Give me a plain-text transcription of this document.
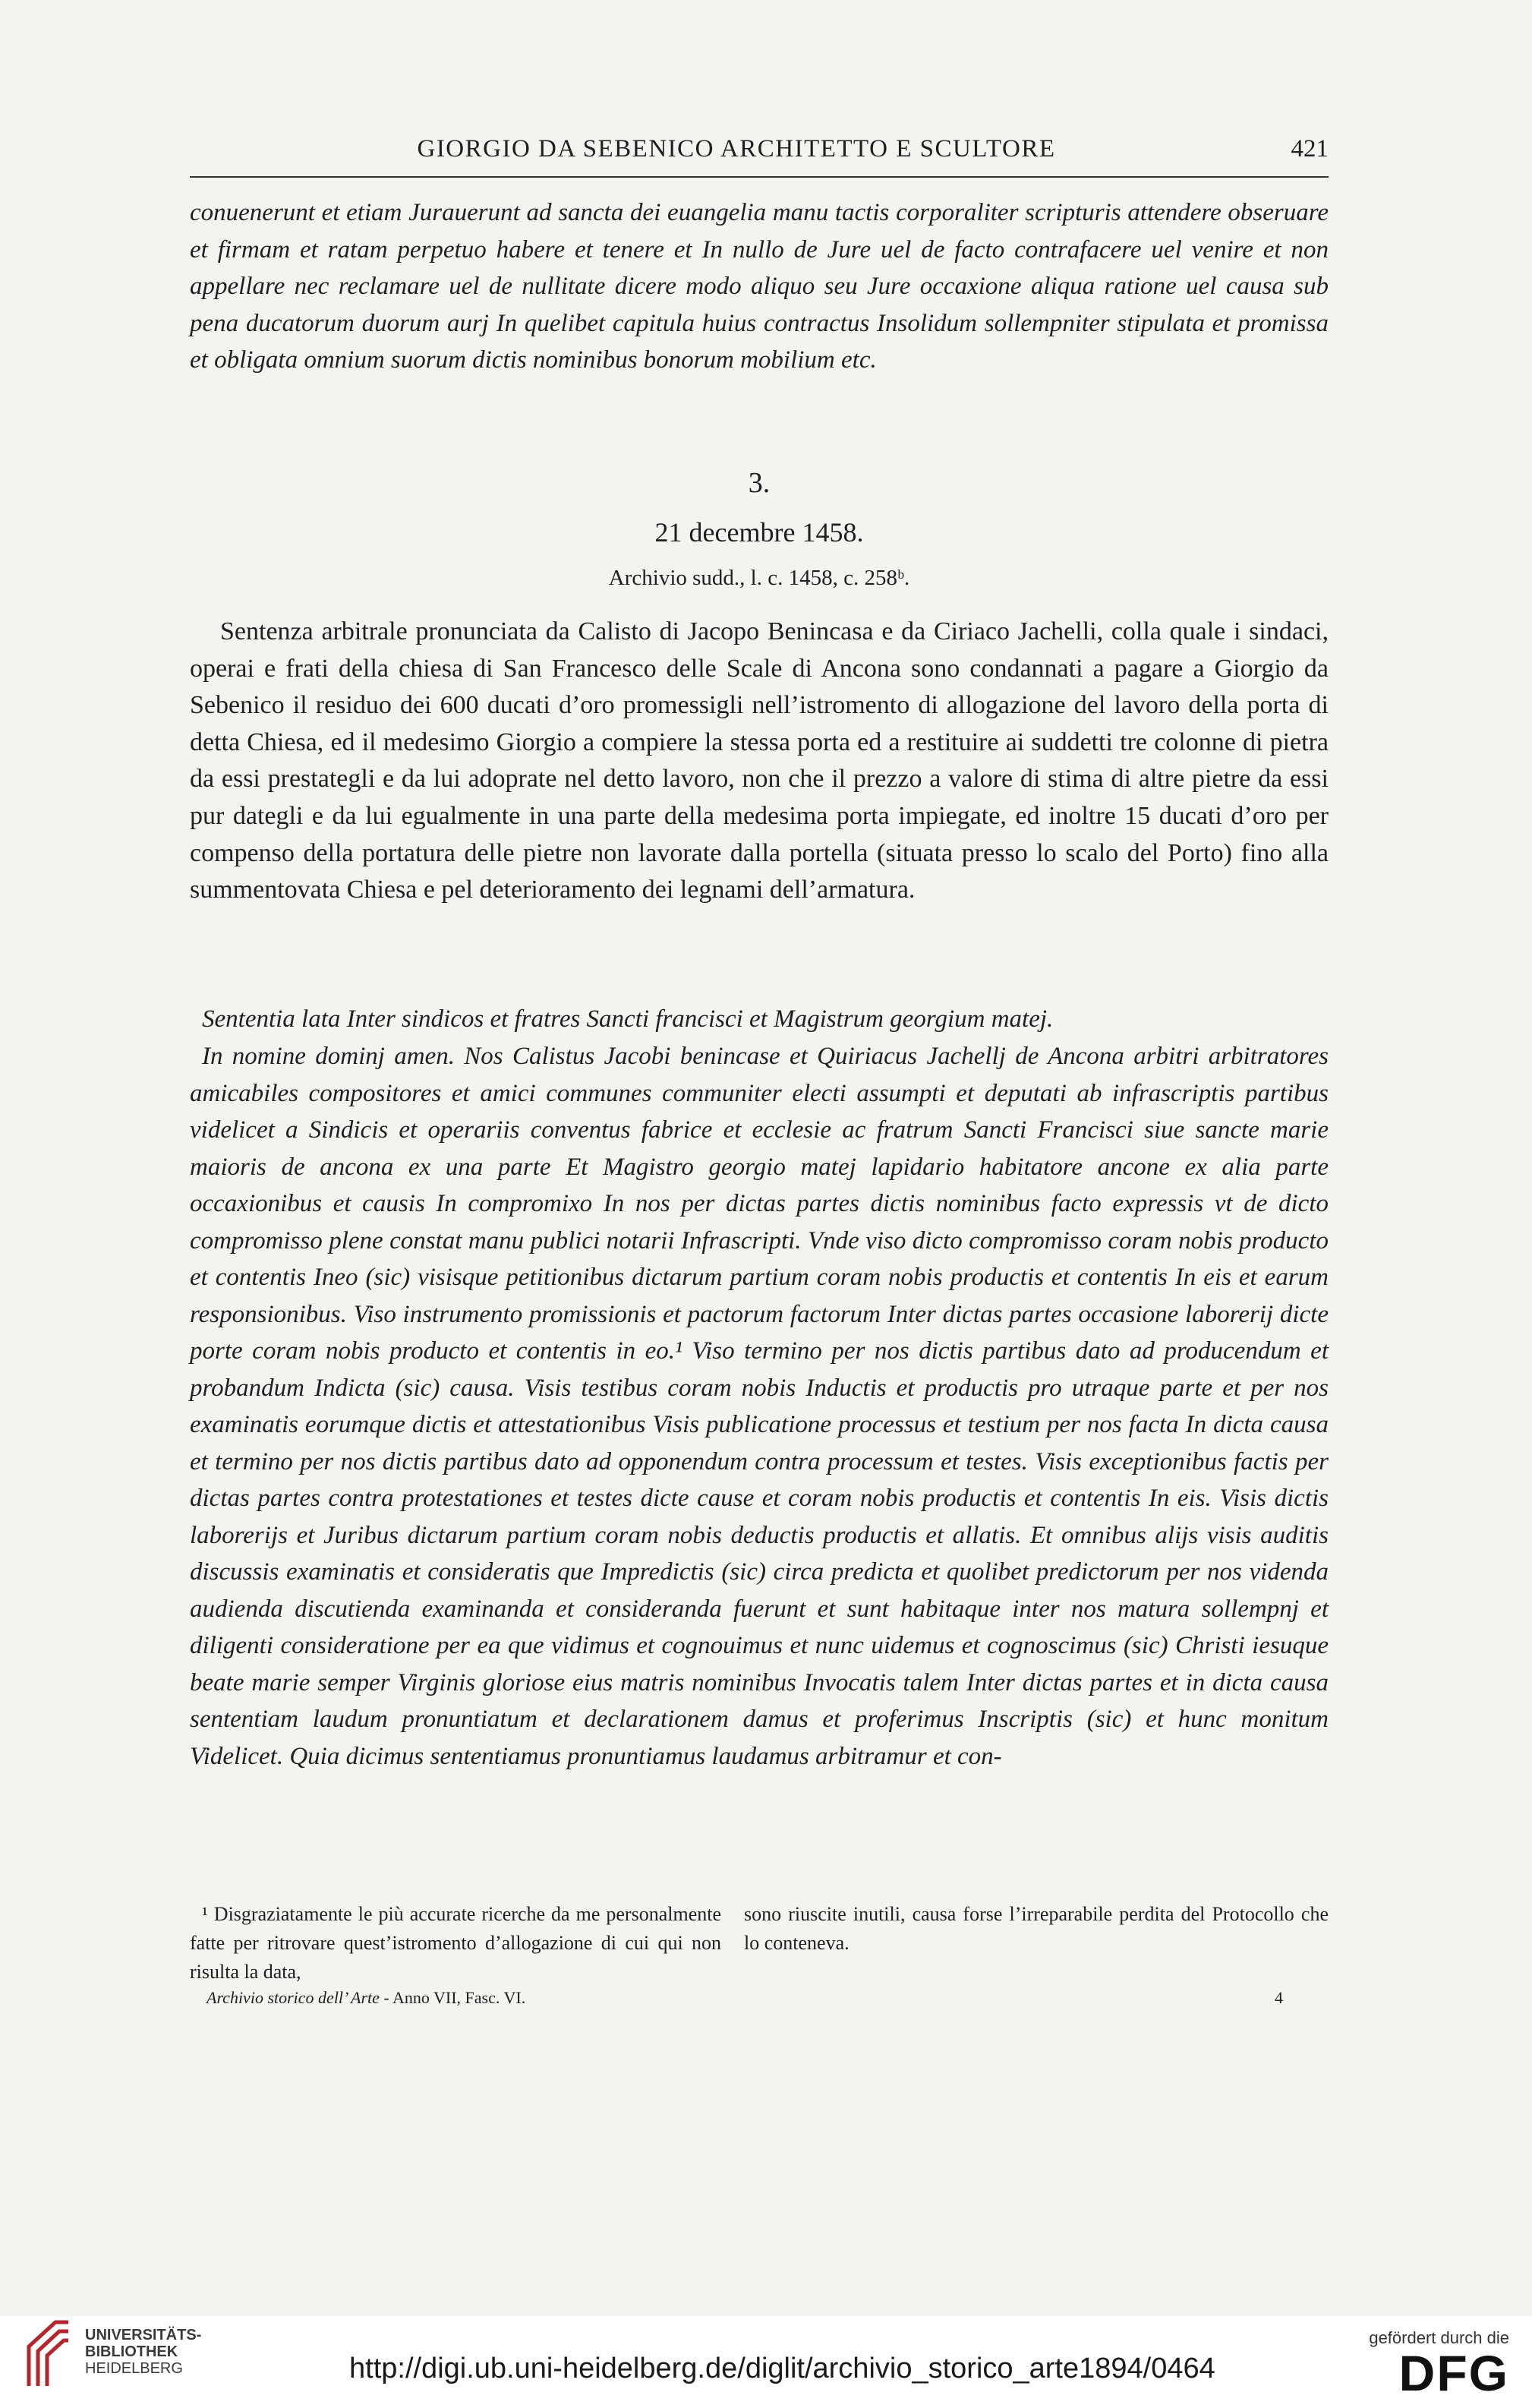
GIORGIO DA SEBENICO ARCHITETTO E SCULTORE	421

conuenerunt et etiam Jurauerunt ad sancta dei euangelia manu tactis corporaliter scripturis attendere obseruare et firmam et ratam perpetuo habere et tenere et In nullo de Jure uel de facto contrafacere uel venire et non appellare nec reclamare uel de nullitate dicere modo aliquo seu Jure occaxione aliqua ratione uel causa sub pena ducatorum duorum aurj In quelibet capitula huius contractus Insolidum sollempniter stipulata et promissa et obligata omnium suorum dictis nominibus bonorum mobilium etc.

3.
21 decembre 1458.
Archivio sudd., l. c. 1458, c. 258ᵇ.

Sentenza arbitrale pronunciata da Calisto di Jacopo Benincasa e da Ciriaco Jachelli, colla quale i sindaci, operai e frati della chiesa di San Francesco delle Scale di Ancona sono condannati a pagare a Giorgio da Sebenico il residuo dei 600 ducati d’oro promessigli nell’istromento di allogazione del lavoro della porta di detta Chiesa, ed il medesimo Giorgio a compiere la stessa porta ed a restituire ai suddetti tre colonne di pietra da essi prestategli e da lui adoprate nel detto lavoro, non che il prezzo a valore di stima di altre pietre da essi pur dategli e da lui egualmente in una parte della medesima porta impiegate, ed inoltre 15 ducati d’oro per compenso della portatura delle pietre non lavorate dalla portella (situata presso lo scalo del Porto) fino alla summentovata Chiesa e pel deterioramento dei legnami dell’armatura.

Sententia lata Inter sindicos et fratres Sancti francisci et Magistrum georgium matej.

In nomine dominj amen. Nos Calistus Jacobi benincase et Quiriacus Jachellj de Ancona arbitri arbitratores amicabiles compositores et amici communes communiter electi assumpti et deputati ab infrascriptis partibus videlicet a Sindicis et operariis conventus fabrice et ecclesie ac fratrum Sancti Francisci siue sancte marie maioris de ancona ex una parte Et Magistro georgio matej lapidario habitatore ancone ex alia parte occaxionibus et causis In compromixo In nos per dictas partes dictis nominibus facto expressis vt de dicto compromisso plene constat manu publici notarii Infrascripti. Vnde viso dicto compromisso coram nobis producto et contentis Ineo (sic) visisque petitionibus dictarum partium coram nobis productis et contentis In eis et earum responsionibus. Viso instrumento promissionis et pactorum factorum Inter dictas partes occasione laborerij dicte porte coram nobis producto et contentis in eo.¹ Viso termino per nos dictis partibus dato ad producendum et probandum Indicta (sic) causa. Visis testibus coram nobis Inductis et productis pro utraque parte et per nos examinatis eorumque dictis et attestationibus Visis publicatione processus et testium per nos facta In dicta causa et termino per nos dictis partibus dato ad opponendum contra processum et testes. Visis exceptionibus factis per dictas partes contra protestationes et testes dicte cause et coram nobis productis et contentis In eis. Visis dictis laborerijs et Juribus dictarum partium coram nobis deductis productis et allatis. Et omnibus alijs visis auditis discussis examinatis et consideratis que Impredictis (sic) circa predicta et quolibet predictorum per nos videnda audienda discutienda examinanda et consideranda fuerunt et sunt habitaque inter nos matura sollempnj et diligenti consideratione per ea que vidimus et cognouimus et nunc uidemus et cognoscimus (sic) Christi iesuque beate marie semper Virginis gloriose eius matris nominibus Invocatis talem Inter dictas partes et in dicta causa sententiam laudum pronuntiatum et declarationem damus et proferimus Inscriptis (sic) et hunc monitum Videlicet. Quia dicimus sententiamus pronuntiamus laudamus arbitramur et con-

¹ Disgraziatamente le più accurate ricerche da me personalmente fatte per ritrovare quest’istromento d’allogazione di cui qui non risulta la data,
sono riuscite inutili, causa forse l’irreparabile perdita del Protocollo che lo conteneva.
Archivio storico dell’ Arte - Anno VII, Fasc. VI.	4
UNIVERSITÄTS-
BIBLIOTHEK
HEIDELBERG	http://digi.ub.uni-heidelberg.de/diglit/archivio_storico_arte1894/0464
gefördert durch die
DFG
